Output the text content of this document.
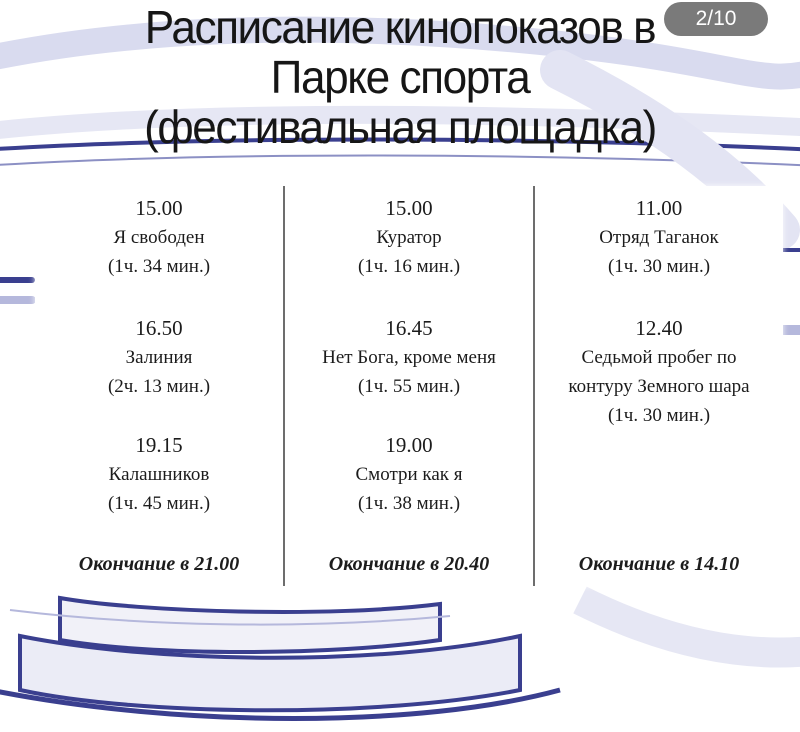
Расписание кинопоказов в
Парке спорта
(фестивальная площадка)
2/10
15.00
Я свободен
(1ч. 34 мин.)
16.50
Залиния
(2ч. 13 мин.)
19.15
Калашников
(1ч. 45 мин.)
Окончание в 21.00
15.00
Куратор
(1ч. 16 мин.)
16.45
Нет Бога, кроме меня
(1ч. 55 мин.)
19.00
Смотри как я
(1ч. 38 мин.)
Окончание в 20.40
11.00
Отряд Таганок
(1ч. 30 мин.)
12.40
Седьмой пробег по
контуру Земного шара
(1ч. 30 мин.)
Окончание в 14.10
